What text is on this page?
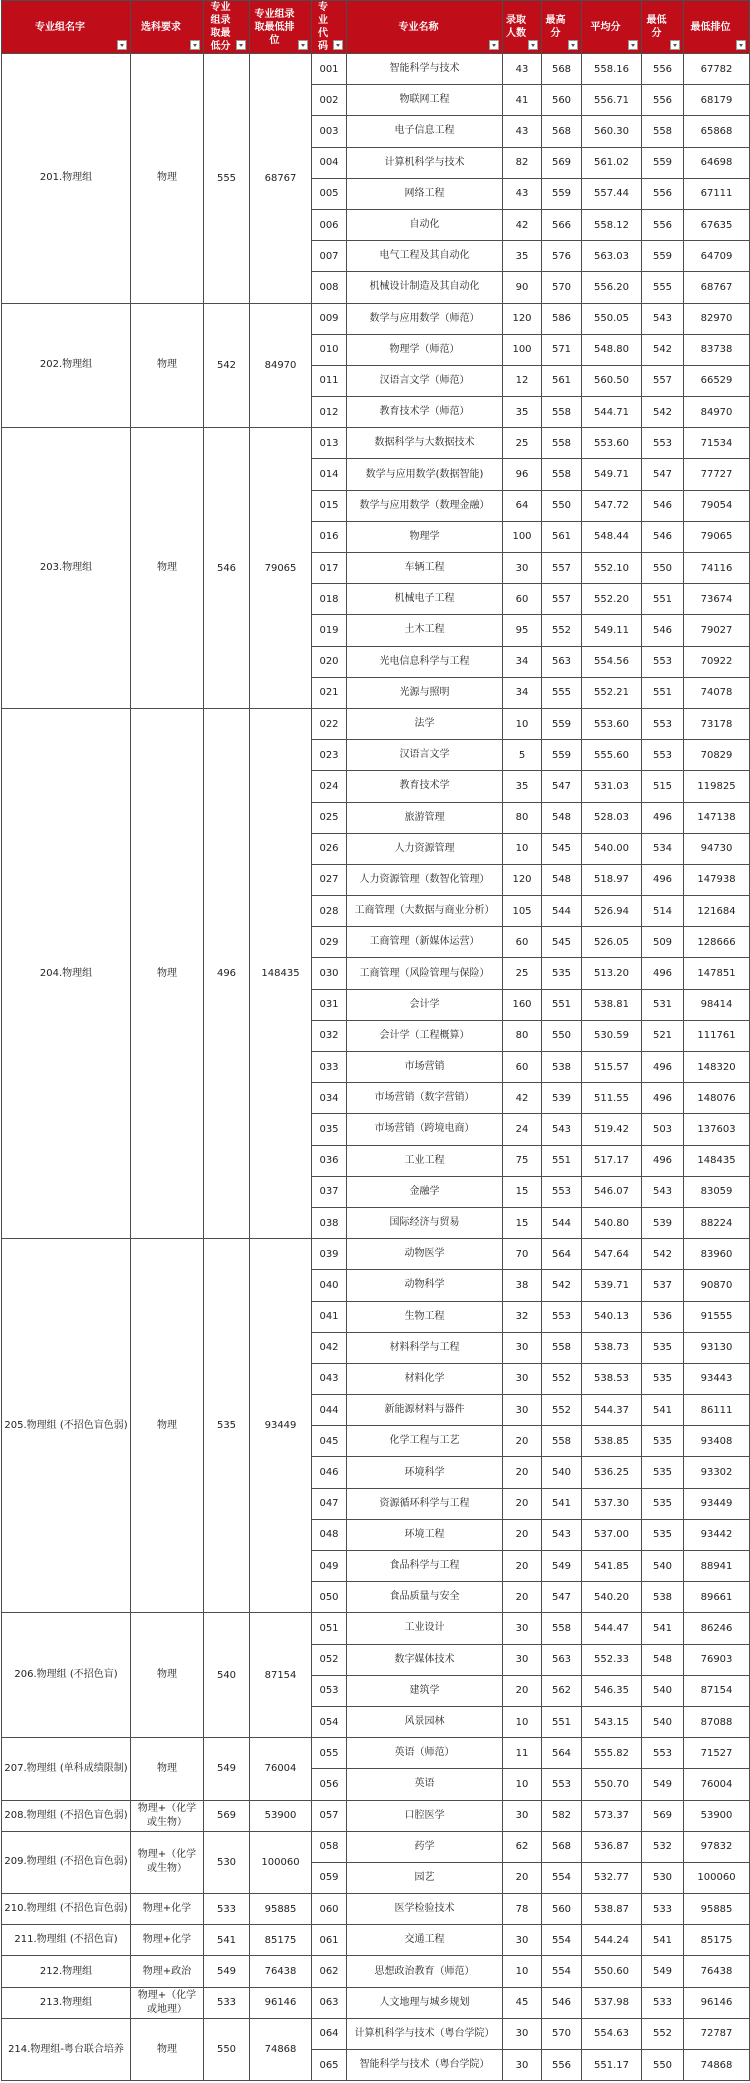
专业组名字	选科要求	专业组录取最低分	专业组录取最低排位	专业代码	专业名称	录取人数	最高分	平均分	最低分	最低排位

201.物理组	物理	555	68767	001	智能科学与技术	43	568	558.16	556	67782
				002	物联网工程	41	560	556.71	556	68179
				003	电子信息工程	43	568	560.30	558	65868
				004	计算机科学与技术	82	569	561.02	559	64698
				005	网络工程	43	559	557.44	556	67111
				006	自动化	42	566	558.12	556	67635
				007	电气工程及其自动化	35	576	563.03	559	64709
				008	机械设计制造及其自动化	90	570	556.20	555	68767
202.物理组	物理	542	84970	009	数学与应用数学（师范）	120	586	550.05	543	82970
				010	物理学（师范）	100	571	548.80	542	83738
				011	汉语言文学（师范）	12	561	560.50	557	66529
				012	教育技术学（师范）	35	558	544.71	542	84970
203.物理组	物理	546	79065	013	数据科学与大数据技术	25	558	553.60	553	71534
				014	数学与应用数学(数据智能)	96	558	549.71	547	77727
				015	数学与应用数学（数理金融）	64	550	547.72	546	79054
				016	物理学	100	561	548.44	546	79065
				017	车辆工程	30	557	552.10	550	74116
				018	机械电子工程	60	557	552.20	551	73674
				019	土木工程	95	552	549.11	546	79027
				020	光电信息科学与工程	34	563	554.56	553	70922
				021	光源与照明	34	555	552.21	551	74078
204.物理组	物理	496	148435	022	法学	10	559	553.60	553	73178
				023	汉语言文学	5	559	555.60	553	70829
				024	教育技术学	35	547	531.03	515	119825
				025	旅游管理	80	548	528.03	496	147138
				026	人力资源管理	10	545	540.00	534	94730
				027	人力资源管理（数智化管理）	120	548	518.97	496	147938
				028	工商管理（大数据与商业分析）	105	544	526.94	514	121684
				029	工商管理（新媒体运营）	60	545	526.05	509	128666
				030	工商管理（风险管理与保险）	25	535	513.20	496	147851
				031	会计学	160	551	538.81	531	98414
				032	会计学（工程概算）	80	550	530.59	521	111761
				033	市场营销	60	538	515.57	496	148320
				034	市场营销（数字营销）	42	539	511.55	496	148076
				035	市场营销（跨境电商）	24	543	519.42	503	137603
				036	工业工程	75	551	517.17	496	148435
				037	金融学	15	553	546.07	543	83059
				038	国际经济与贸易	15	544	540.80	539	88224
205.物理组 (不招色盲色弱)	物理	535	93449	039	动物医学	70	564	547.64	542	83960
				040	动物科学	38	542	539.71	537	90870
				041	生物工程	32	553	540.13	536	91555
				042	材料科学与工程	30	558	538.73	535	93130
				043	材料化学	30	552	538.53	535	93443
				044	新能源材料与器件	30	552	544.37	541	86111
				045	化学工程与工艺	20	558	538.85	535	93408
				046	环境科学	20	540	536.25	535	93302
				047	资源循环科学与工程	20	541	537.30	535	93449
				048	环境工程	20	543	537.00	535	93442
				049	食品科学与工程	20	549	541.85	540	88941
				050	食品质量与安全	20	547	540.20	538	89661
206.物理组 (不招色盲)	物理	540	87154	051	工业设计	30	558	544.47	541	86246
				052	数字媒体技术	30	563	552.33	548	76903
				053	建筑学	20	562	546.35	540	87154
				054	风景园林	10	551	543.15	540	87088
207.物理组 (单科成绩限制)	物理	549	76004	055	英语（师范）	11	564	555.82	553	71527
				056	英语	10	553	550.70	549	76004
208.物理组 (不招色盲色弱)	物理+（化学或生物）	569	53900	057	口腔医学	30	582	573.37	569	53900
209.物理组 (不招色盲色弱)	物理+（化学或生物）	530	100060	058	药学	62	568	536.87	532	97832
				059	园艺	20	554	532.77	530	100060
210.物理组 (不招色盲色弱)	物理+化学	533	95885	060	医学检验技术	78	560	538.87	533	95885
211.物理组 (不招色盲)	物理+化学	541	85175	061	交通工程	30	554	544.24	541	85175
212.物理组	物理+政治	549	76438	062	思想政治教育（师范）	10	554	550.60	549	76438
213.物理组	物理+（化学或地理）	533	96146	063	人文地理与城乡规划	45	546	537.98	533	96146
214.物理组-粤台联合培养	物理	550	74868	064	计算机科学与技术（粤台学院）	30	570	554.63	552	72787
				065	智能科学与技术（粤台学院）	30	556	551.17	550	74868
